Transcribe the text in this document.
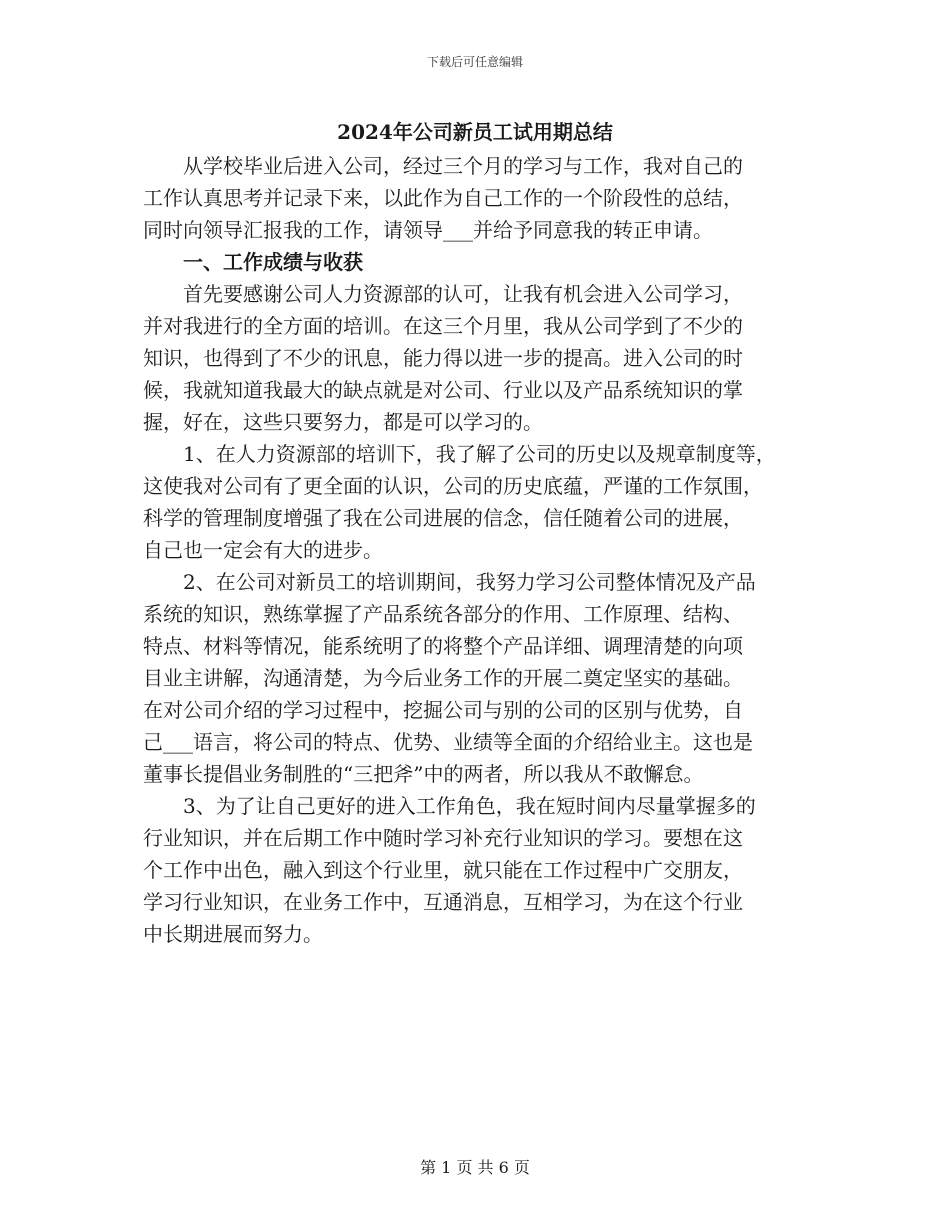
下载后可任意编辑
2024年公司新员工试用期总结
从学校毕业后进入公司，经过三个月的学习与工作，我对自己的
工作认真思考并记录下来，以此作为自己工作的一个阶段性的总结，
同时向领导汇报我的工作，请领导___并给予同意我的转正申请。
一、工作成绩与收获
首先要感谢公司人力资源部的认可，让我有机会进入公司学习，
并对我进行的全方面的培训。在这三个月里，我从公司学到了不少的
知识，也得到了不少的讯息，能力得以进一步的提高。进入公司的时
候，我就知道我最大的缺点就是对公司、行业以及产品系统知识的掌
握，好在，这些只要努力，都是可以学习的。
1、在人力资源部的培训下，我了解了公司的历史以及规章制度等，
这使我对公司有了更全面的认识，公司的历史底蕴，严谨的工作氛围，
科学的管理制度增强了我在公司进展的信念，信任随着公司的进展，
自己也一定会有大的进步。
2、在公司对新员工的培训期间，我努力学习公司整体情况及产品
系统的知识，熟练掌握了产品系统各部分的作用、工作原理、结构、
特点、材料等情况，能系统明了的将整个产品详细、调理清楚的向项
目业主讲解，沟通清楚，为今后业务工作的开展二奠定坚实的基础。
在对公司介绍的学习过程中，挖掘公司与别的公司的区别与优势，自
己___语言，将公司的特点、优势、业绩等全面的介绍给业主。这也是
董事长提倡业务制胜的“三把斧”中的两者，所以我从不敢懈怠。
3、为了让自己更好的进入工作角色，我在短时间内尽量掌握多的
行业知识，并在后期工作中随时学习补充行业知识的学习。要想在这
个工作中出色，融入到这个行业里，就只能在工作过程中广交朋友，
学习行业知识，在业务工作中，互通消息，互相学习，为在这个行业
中长期进展而努力。
第 1 页 共 6 页
